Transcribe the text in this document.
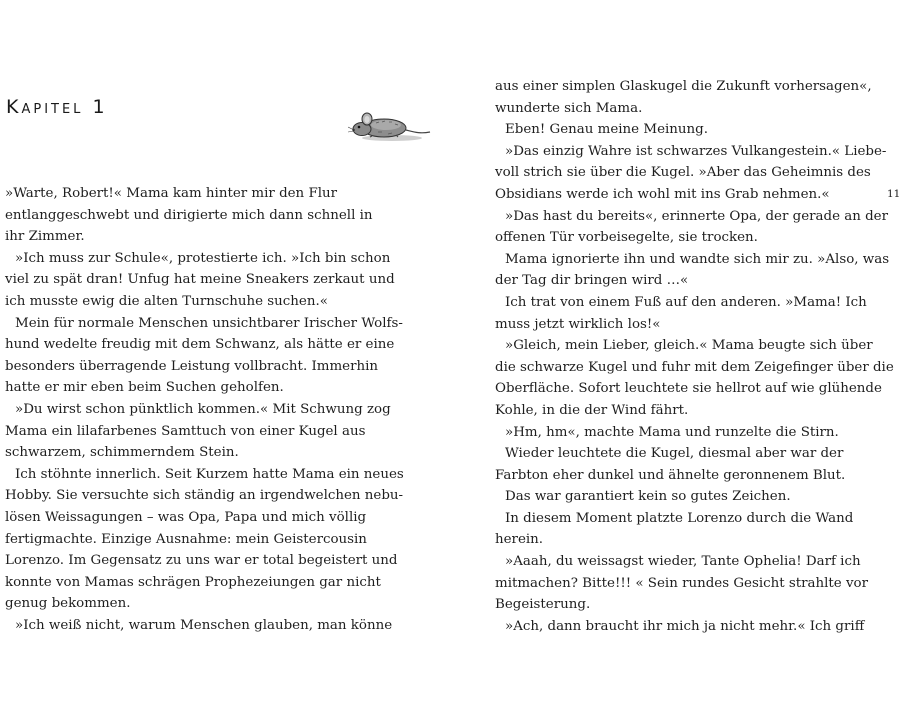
Kapitel 1
»Warte, Robert!« Mama kam hinter mir den Flur
entlanggeschwebt und dirigierte mich dann schnell in
ihr Zimmer.
»Ich muss zur Schule«, protestierte ich. »Ich bin schon
viel zu spät dran! Unfug hat meine Sneakers zerkaut und
ich musste ewig die alten Turnschuhe suchen.«
Mein für normale Menschen unsichtbarer Irischer Wolfs-
hund wedelte freudig mit dem Schwanz, als hätte er eine
besonders überragende Leistung vollbracht. Immerhin
hatte er mir eben beim Suchen geholfen.
»Du wirst schon pünktlich kommen.« Mit Schwung zog
Mama ein lilafarbenes Samttuch von einer Kugel aus
schwarzem, schimmerndem Stein.
Ich stöhnte innerlich. Seit Kurzem hatte Mama ein neues
Hobby. Sie versuchte sich ständig an irgendwelchen nebu-
lösen Weissagungen – was Opa, Papa und mich völlig
fertigmachte. Einzige Ausnahme: mein Geistercousin
Lorenzo. Im Gegensatz zu uns war er total begeistert und
konnte von Mamas schrägen Prophezeiungen gar nicht
genug bekommen.
»Ich weiß nicht, warum Menschen glauben, man könne
aus einer simplen Glaskugel die Zukunft vorhersagen«,
wunderte sich Mama.
Eben! Genau meine Meinung.
»Das einzig Wahre ist schwarzes Vulkangestein.« Liebe-
voll strich sie über die Kugel. »Aber das Geheimnis des
Obsidians werde ich wohl mit ins Grab nehmen.«
»Das hast du bereits«, erinnerte Opa, der gerade an der
offenen Tür vorbeisegelte, sie trocken.
Mama ignorierte ihn und wandte sich mir zu. »Also, was
der Tag dir bringen wird …«
Ich trat von einem Fuß auf den anderen. »Mama! Ich
muss jetzt wirklich los!«
»Gleich, mein Lieber, gleich.« Mama beugte sich über
die schwarze Kugel und fuhr mit dem Zeigefinger über die
Oberfläche. Sofort leuchtete sie hellrot auf wie glühende
Kohle, in die der Wind fährt.
»Hm, hm«, machte Mama und runzelte die Stirn.
Wieder leuchtete die Kugel, diesmal aber war der
Farbton eher dunkel und ähnelte geronnenem Blut.
Das war garantiert kein so gutes Zeichen.
In diesem Moment platzte Lorenzo durch die Wand
herein.
»Aaah, du weissagst wieder, Tante Ophelia! Darf ich
mitmachen? Bitte!!! « Sein rundes Gesicht strahlte vor
Begeisterung.
»Ach, dann braucht ihr mich ja nicht mehr.« Ich griff
11
